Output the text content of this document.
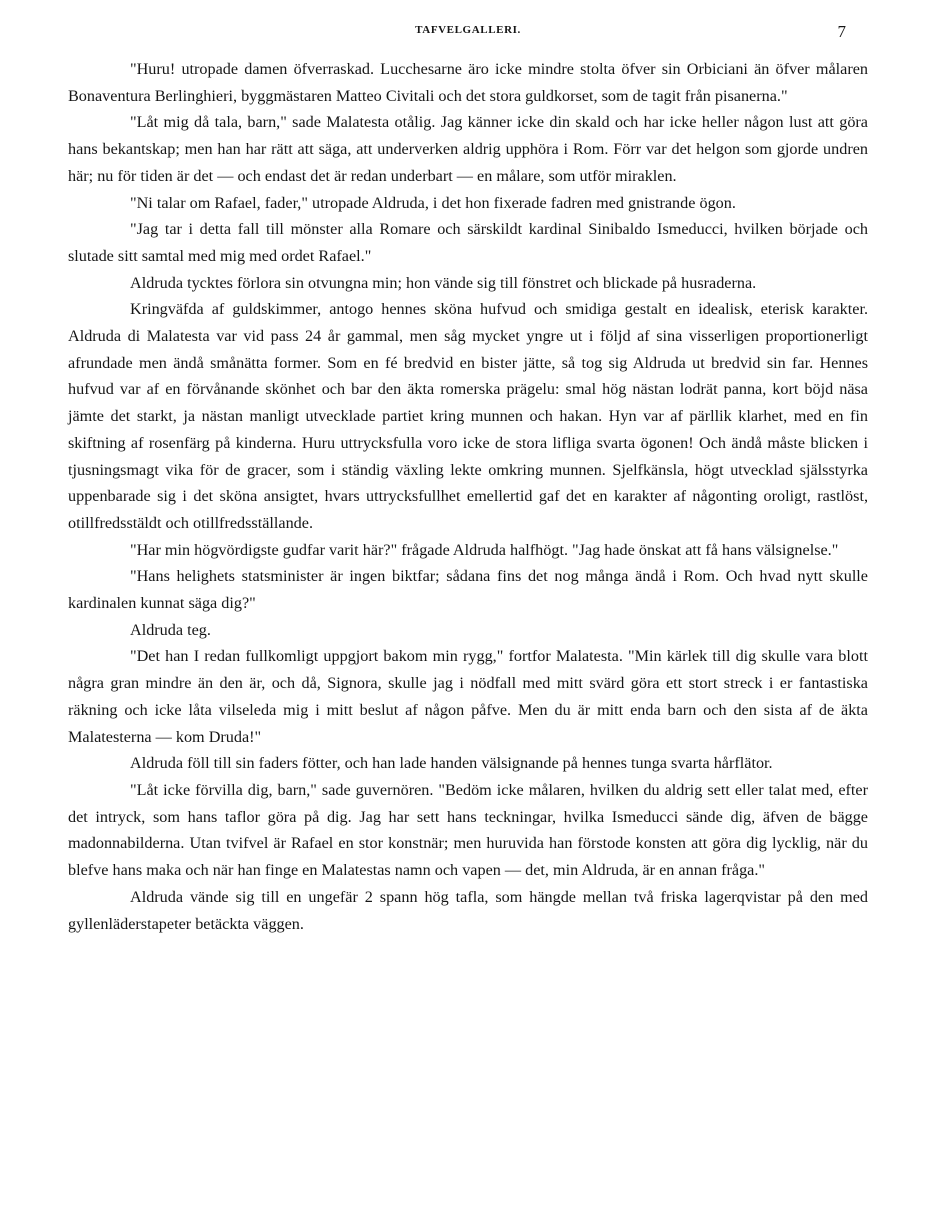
TAFVELGALLERI.	7

"Huru! utropade damen öfverraskad. Lucchesarne äro icke mindre stolta öfver sin Orbiciani än öfver målaren Bonaventura Berlinghieri, byggmästaren Matteo Civitali och det stora guldkorset, som de tagit från pisanerna."

"Låt mig då tala, barn," sade Malatesta otålig. Jag känner icke din skald och har icke heller någon lust att göra hans bekantskap; men han har rätt att säga, att underverken aldrig upphöra i Rom. Förr var det helgon som gjorde undren här; nu för tiden är det — och endast det är redan underbart — en målare, som utför miraklen.

"Ni talar om Rafael, fader," utropade Aldruda, i det hon fixerade fadren med gnistrande ögon.

"Jag tar i detta fall till mönster alla Romare och särskildt kardinal Sinibaldo Ismeducci, hvilken började och slutade sitt samtal med mig med ordet Rafael."

Aldruda tycktes förlora sin otvungna min; hon vände sig till fönstret och blickade på husraderna.

Kringväfda af guldskimmer, antogo hennes sköna hufvud och smidiga gestalt en idealisk, eterisk karakter. Aldruda di Malatesta var vid pass 24 år gammal, men såg mycket yngre ut i följd af sina visserligen proportionerligt afrundade men ändå smånätta former. Som en fé bredvid en bister jätte, så tog sig Aldruda ut bredvid sin far. Hennes hufvud var af en förvånande skönhet och bar den äkta romerska prägelu: smal hög nästan lodrät panna, kort böjd näsa jämte det starkt, ja nästan manligt utvecklade partiet kring munnen och hakan. Hyn var af pärllik klarhet, med en fin skiftning af rosenfärg på kinderna. Huru uttrycksfulla voro icke de stora lifliga svarta ögonen! Och ändå måste blicken i tjusningsmagt vika för de gracer, som i ständig växling lekte omkring munnen. Sjelfkänsla, högt utvecklad själsstyrka uppenbarade sig i det sköna ansigtet, hvars uttrycksfullhet emellertid gaf det en karakter af någonting oroligt, rastlöst, otillfredsstäldt och otillfredsställande.

"Har min högvördigste gudfar varit här?" frågade Aldruda halfhögt. "Jag hade önskat att få hans välsignelse."

"Hans helighets statsminister är ingen biktfar; sådana fins det nog många ändå i Rom. Och hvad nytt skulle kardinalen kunnat säga dig?"

Aldruda teg.

"Det han I redan fullkomligt uppgjort bakom min rygg," fortfor Malatesta. "Min kärlek till dig skulle vara blott några gran mindre än den är, och då, Signora, skulle jag i nödfall med mitt svärd göra ett stort streck i er fantastiska räkning och icke låta vilseleda mig i mitt beslut af någon påfve. Men du är mitt enda barn och den sista af de äkta Malatesterna — kom Druda!"

Aldruda föll till sin faders fötter, och han lade handen välsignande på hennes tunga svarta hårflätor.

"Låt icke förvilla dig, barn," sade guvernören. "Bedöm icke målaren, hvilken du aldrig sett eller talat med, efter det intryck, som hans taflor göra på dig. Jag har sett hans teckningar, hvilka Ismeducci sände dig, äfven de bägge madonnabilderna. Utan tvifvel är Rafael en stor konstnär; men huruvida han förstode konsten att göra dig lycklig, när du blefve hans maka och när han finge en Malatestas namn och vapen — det, min Aldruda, är en annan fråga."

Aldruda vände sig till en ungefär 2 spann hög tafla, som hängde mellan två friska lagerqvistar på den med gyllenläderstapeter betäckta väggen.
